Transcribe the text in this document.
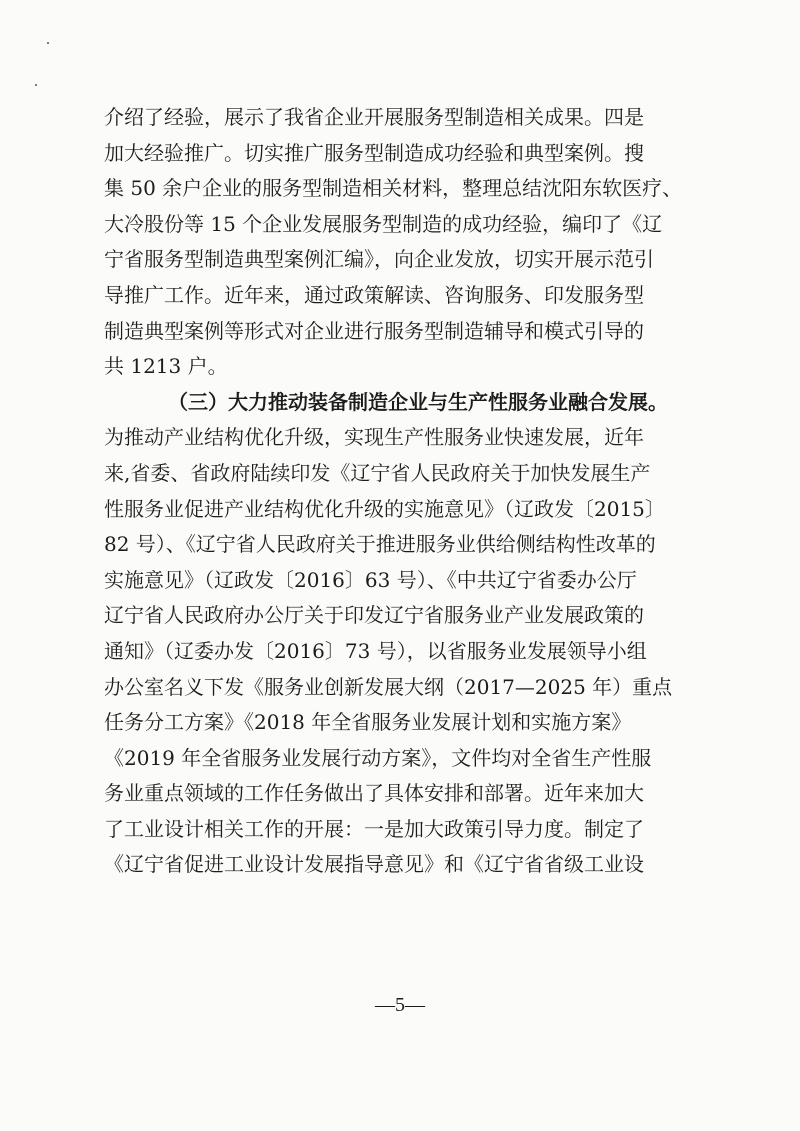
介绍了经验，展示了我省企业开展服务型制造相关成果。四是
加大经验推广。切实推广服务型制造成功经验和典型案例。搜
集 50 余户企业的服务型制造相关材料，整理总结沈阳东软医疗、
大冷股份等 15 个企业发展服务型制造的成功经验，编印了《辽
宁省服务型制造典型案例汇编》，向企业发放，切实开展示范引
导推广工作。近年来，通过政策解读、咨询服务、印发服务型
制造典型案例等形式对企业进行服务型制造辅导和模式引导的
共 1213 户。
（三）大力推动装备制造企业与生产性服务业融合发展。
为推动产业结构优化升级，实现生产性服务业快速发展，近年
来,省委、省政府陆续印发《辽宁省人民政府关于加快发展生产
性服务业促进产业结构优化升级的实施意见》（辽政发〔2015〕
82 号）、《辽宁省人民政府关于推进服务业供给侧结构性改革的
实施意见》（辽政发〔2016〕63 号）、《中共辽宁省委办公厅
辽宁省人民政府办公厅关于印发辽宁省服务业产业发展政策的
通知》（辽委办发〔2016〕73 号），以省服务业发展领导小组
办公室名义下发《服务业创新发展大纲（2017—2025 年）重点
任务分工方案》《2018 年全省服务业发展计划和实施方案》
《2019 年全省服务业发展行动方案》，文件均对全省生产性服
务业重点领域的工作任务做出了具体安排和部署。近年来加大
了工业设计相关工作的开展：一是加大政策引导力度。制定了
《辽宁省促进工业设计发展指导意见》和《辽宁省省级工业设
—5—
